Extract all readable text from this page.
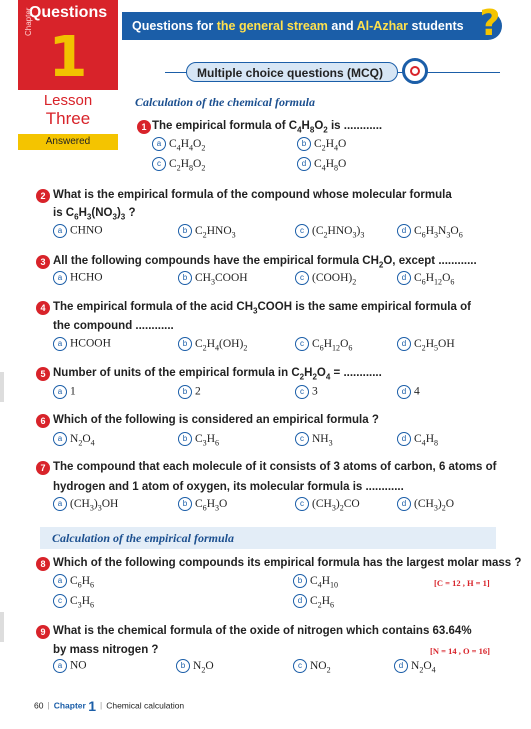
Questions
Chapter
1
Lesson
Three
Answered
Questions for the general stream and Al-Azhar students ?
Multiple choice questions (MCQ)
Calculation of the chemical formula
Calculation of the empirical formula
1 The empirical formula of $C_4H_8O_2$ is ............
a $C_4H_4O_2$	b $C_2H_4O$
c $C_2H_8O_2$	d $C_4H_8O$
2 What is the empirical formula of the compound whose molecular formula
is $C_6H_3(NO_3)_3$ ?
a CHNO	b $C_2HNO_3$	c $(C_2HNO_3)_3$	d $C_6H_3N_3O_6$
3 All the following compounds have the empirical formula $CH_2O$, except ............
a HCHO	b $CH_3COOH$	c $(COOH)_2$	d $C_6H_{12}O_6$
4 The empirical formula of the acid $CH_3COOH$ is the same empirical formula of
the compound ............
a HCOOH	b $C_2H_4(OH)_2$	c $C_6H_{12}O_6$	d $C_2H_5OH$
5 Number of units of the empirical formula in $C_2H_2O_4$ = ............
a 1	b 2	c 3	d 4
6 Which of the following is considered an empirical formula ?
a $N_2O_4$	b $C_3H_6$	c $NH_3$	d $C_4H_8$
7 The compound that each molecule of it consists of 3 atoms of carbon, 6 atoms of
hydrogen and 1 atom of oxygen, its molecular formula is ............
a $(CH_3)_3OH$	b $C_6H_3O$	c $(CH_3)_2CO$	d $(CH_3)_2O$
8 Which of the following compounds its empirical formula has the largest molar mass ?
a $C_6H_6$	b $C_4H_{10}$
c $C_3H_6$	d $C_2H_6$
[C = 12 , H = 1]
9 What is the chemical formula of the oxide of nitrogen which contains 63.64%
by mass nitrogen ?
a NO	b $N_2O$	c $NO_2$	d $N_2O_4$
[N = 14 , O = 16]
60 | Chapter 1 | Chemical calculation
